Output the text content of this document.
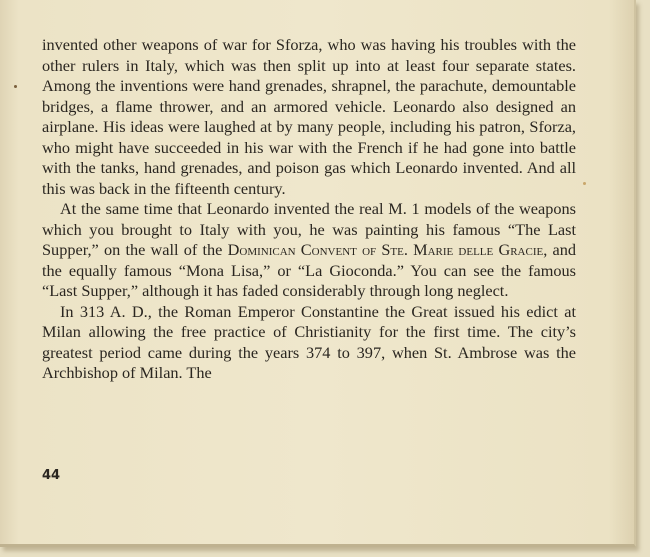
invented other weapons of war for Sforza, who was having his troubles with the other rulers in Italy, which was then split up into at least four separate states. Among the inventions were hand grenades, shrapnel, the parachute, demountable bridges, a flame thrower, and an armored vehicle. Leonardo also designed an airplane. His ideas were laughed at by many people, including his patron, Sforza, who might have succeeded in his war with the French if he had gone into battle with the tanks, hand grenades, and poison gas which Leonardo invented. And all this was back in the fifteenth century.

At the same time that Leonardo invented the real M. 1 models of the weapons which you brought to Italy with you, he was painting his famous “The Last Supper,” on the wall of the Dominican Convent of Ste. Marie delle Gracie, and the equally famous “Mona Lisa,” or “La Gioconda.” You can see the famous “Last Supper,” although it has faded considerably through long neglect.

In 313 A. D., the Roman Emperor Constantine the Great issued his edict at Milan allowing the free practice of Christianity for the first time. The city’s greatest period came during the years 374 to 397, when St. Ambrose was the Archbishop of Milan. The

44
